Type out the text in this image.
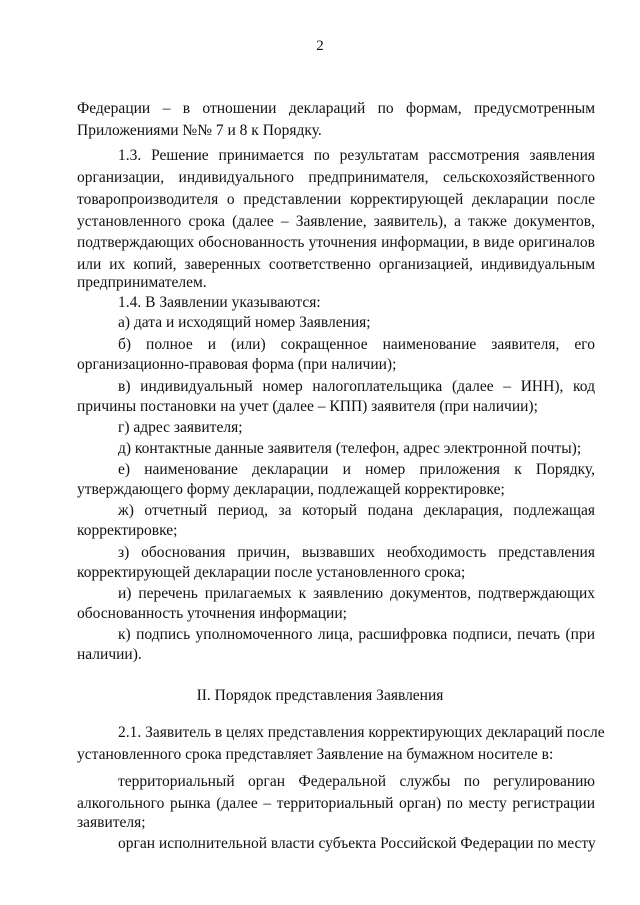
2
Федерации – в отношении деклараций по формам, предусмотренным
Приложениями №№ 7 и 8 к Порядку.
1.3. Решение принимается по результатам рассмотрения заявления
организации, индивидуального предпринимателя, сельскохозяйственного
товаропроизводителя о представлении корректирующей декларации после
установленного срока (далее – Заявление, заявитель), а также документов,
подтверждающих обоснованность уточнения информации, в виде оригиналов
или их копий, заверенных соответственно организацией, индивидуальным
предпринимателем.
1.4. В Заявлении указываются:
а) дата и исходящий номер Заявления;
б) полное и (или) сокращенное наименование заявителя, его
организационно-правовая форма (при наличии);
в) индивидуальный номер налогоплательщика (далее – ИНН), код
причины постановки на учет (далее – КПП) заявителя (при наличии);
г) адрес заявителя;
д) контактные данные заявителя (телефон, адрес электронной почты);
е) наименование декларации и номер приложения к Порядку,
утверждающего форму декларации, подлежащей корректировке;
ж) отчетный период, за который подана декларация, подлежащая
корректировке;
з) обоснования причин, вызвавших необходимость представления
корректирующей декларации после установленного срока;
и) перечень прилагаемых к заявлению документов, подтверждающих
обоснованность уточнения информации;
к) подпись уполномоченного лица, расшифровка подписи, печать (при
наличии).
II. Порядок представления Заявления
2.1. Заявитель в целях представления корректирующих деклараций после
установленного срока представляет Заявление на бумажном носителе в:
территориальный орган Федеральной службы по регулированию
алкогольного рынка (далее – территориальный орган) по месту регистрации
заявителя;
орган исполнительной власти субъекта Российской Федерации по месту
